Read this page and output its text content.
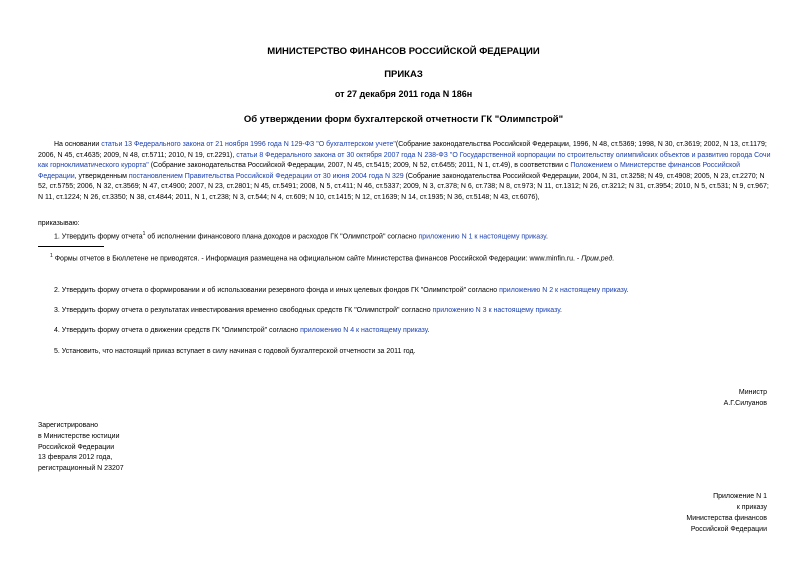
МИНИСТЕРСТВО ФИНАНСОВ РОССИЙСКОЙ ФЕДЕРАЦИИ
ПРИКАЗ
от 27 декабря 2011 года N 186н
Об утверждении форм бухгалтерской отчетности ГК "Олимпстрой"
На основании статьи 13 Федерального закона от 21 ноября 1996 года N 129-ФЗ "О бухгалтерском учете"(Собрание законодательства Российской Федерации, 1996, N 48, ст.5369; 1998, N 30, ст.3619; 2002, N 13, ст.1179; 2006, N 45, ст.4635; 2009, N 48, ст.5711; 2010, N 19, ст.2291), статьи 8 Федерального закона от 30 октября 2007 года N 238-ФЗ "О Государственной корпорации по строительству олимпийских объектов и развитию города Сочи как горноклиматического курорта" (Собрание законодательства Российской Федерации, 2007, N 45, ст.5415; 2009, N 52, ст.6455; 2011, N 1, ст.49), в соответствии с Положением о Министерстве финансов Российской Федерации, утвержденным постановлением Правительства Российской Федерации от 30 июня 2004 года N 329 (Собрание законодательства Российской Федерации, 2004, N 31, ст.3258; N 49, ст.4908; 2005, N 23, ст.2270; N 52, ст.5755; 2006, N 32, ст.3569; N 47, ст.4900; 2007, N 23, ст.2801; N 45, ст.5491; 2008, N 5, ст.411; N 46, ст.5337; 2009, N 3, ст.378; N 6, ст.738; N 8, ст.973; N 11, ст.1312; N 26, ст.3212; N 31, ст.3954; 2010, N 5, ст.531; N 9, ст.967; N 11, ст.1224; N 26, ст.3350; N 38, ст.4844; 2011, N 1, ст.238; N 3, ст.544; N 4, ст.609; N 10, ст.1415; N 12, ст.1639; N 14, ст.1935; N 36, ст.5148; N 43, ст.6076),
приказываю:
1. Утвердить форму отчета$^1$ об исполнении финансового плана доходов и расходов ГК "Олимпстрой" согласно приложению N 1 к настоящему приказу.
$^1$ Формы отчетов в Бюллетене не приводятся. - Информация размещена на официальном сайте Министерства финансов Российской Федерации: www.minfin.ru. - Прим.ред.
2. Утвердить форму отчета о формировании и об использовании резервного фонда и иных целевых фондов ГК "Олимпстрой" согласно приложению N 2 к настоящему приказу.
3. Утвердить форму отчета о результатах инвестирования временно свободных средств ГК "Олимпстрой" согласно приложению N 3 к настоящему приказу.
4. Утвердить форму отчета о движении средств ГК "Олимпстрой" согласно приложению N 4 к настоящему приказу.
5. Установить, что настоящий приказ вступает в силу начиная с годовой бухгалтерской отчетности за 2011 год.
Министр
А.Г.Силуанов
Зарегистрировано
в Министерстве юстиции
Российской Федерации
13 февраля 2012 года,
регистрационный N 23207
Приложение N 1
к приказу
Министерства финансов
Российской Федерации
